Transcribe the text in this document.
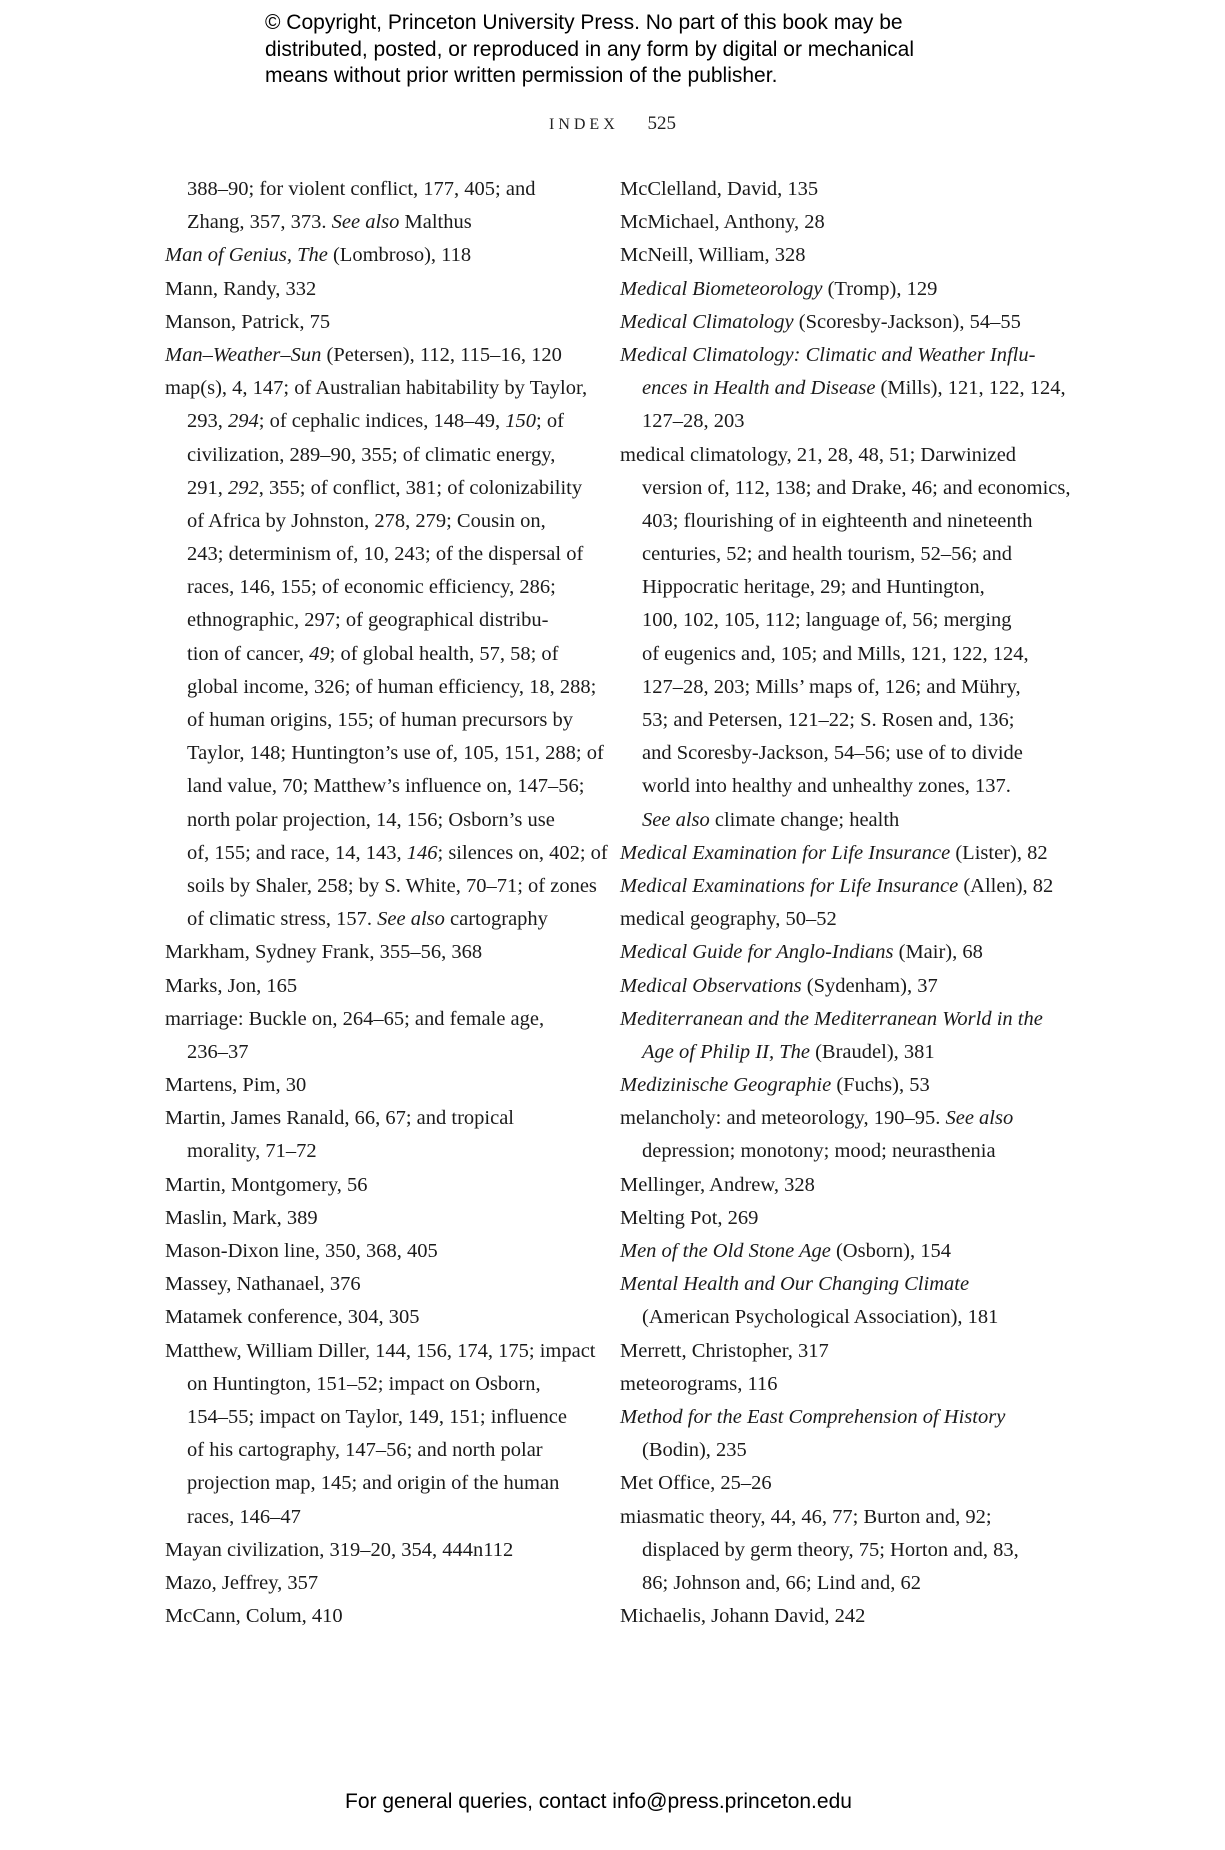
© Copyright, Princeton University Press. No part of this book may be
distributed, posted, or reproduced in any form by digital or mechanical
means without prior written permission of the publisher.
INDEX 525
388–90; for violent conflict, 177, 405; and
Zhang, 357, 373. See also Malthus
Man of Genius, The (Lombroso), 118
Mann, Randy, 332
Manson, Patrick, 75
Man–Weather–Sun (Petersen), 112, 115–16, 120
map(s), 4, 147; of Australian habitability by Taylor,
293, 294; of cephalic indices, 148–49, 150; of
civilization, 289–90, 355; of climatic energy,
291, 292, 355; of conflict, 381; of colonizability
of Africa by Johnston, 278, 279; Cousin on,
243; determinism of, 10, 243; of the dispersal of
races, 146, 155; of economic efficiency, 286;
ethnographic, 297; of geographical distribu-
tion of cancer, 49; of global health, 57, 58; of
global income, 326; of human efficiency, 18, 288;
of human origins, 155; of human precursors by
Taylor, 148; Huntington’s use of, 105, 151, 288; of
land value, 70; Matthew’s influence on, 147–56;
north polar projection, 14, 156; Osborn’s use
of, 155; and race, 14, 143, 146; silences on, 402; of
soils by Shaler, 258; by S. White, 70–71; of zones
of climatic stress, 157. See also cartography
Markham, Sydney Frank, 355–56, 368
Marks, Jon, 165
marriage: Buckle on, 264–65; and female age,
236–37
Martens, Pim, 30
Martin, James Ranald, 66, 67; and tropical
morality, 71–72
Martin, Montgomery, 56
Maslin, Mark, 389
Mason-Dixon line, 350, 368, 405
Massey, Nathanael, 376
Matamek conference, 304, 305
Matthew, William Diller, 144, 156, 174, 175; impact
on Huntington, 151–52; impact on Osborn,
154–55; impact on Taylor, 149, 151; influence
of his cartography, 147–56; and north polar
projection map, 145; and origin of the human
races, 146–47
Mayan civilization, 319–20, 354, 444n112
Mazo, Jeffrey, 357
McCann, Colum, 410
McClelland, David, 135
McMichael, Anthony, 28
McNeill, William, 328
Medical Biometeorology (Tromp), 129
Medical Climatology (Scoresby-Jackson), 54–55
Medical Climatology: Climatic and Weather Influ-
ences in Health and Disease (Mills), 121, 122, 124,
127–28, 203
medical climatology, 21, 28, 48, 51; Darwinized
version of, 112, 138; and Drake, 46; and economics,
403; flourishing of in eighteenth and nineteenth
centuries, 52; and health tourism, 52–56; and
Hippocratic heritage, 29; and Huntington,
100, 102, 105, 112; language of, 56; merging
of eugenics and, 105; and Mills, 121, 122, 124,
127–28, 203; Mills’ maps of, 126; and Mühry,
53; and Petersen, 121–22; S. Rosen and, 136;
and Scoresby-Jackson, 54–56; use of to divide
world into healthy and unhealthy zones, 137.
See also climate change; health
Medical Examination for Life Insurance (Lister), 82
Medical Examinations for Life Insurance (Allen), 82
medical geography, 50–52
Medical Guide for Anglo-Indians (Mair), 68
Medical Observations (Sydenham), 37
Mediterranean and the Mediterranean World in the
Age of Philip II, The (Braudel), 381
Medizinische Geographie (Fuchs), 53
melancholy: and meteorology, 190–95. See also
depression; monotony; mood; neurasthenia
Mellinger, Andrew, 328
Melting Pot, 269
Men of the Old Stone Age (Osborn), 154
Mental Health and Our Changing Climate
(American Psychological Association), 181
Merrett, Christopher, 317
meteorograms, 116
Method for the East Comprehension of History
(Bodin), 235
Met Office, 25–26
miasmatic theory, 44, 46, 77; Burton and, 92;
displaced by germ theory, 75; Horton and, 83,
86; Johnson and, 66; Lind and, 62
Michaelis, Johann David, 242
For general queries, contact info@press.princeton.edu
